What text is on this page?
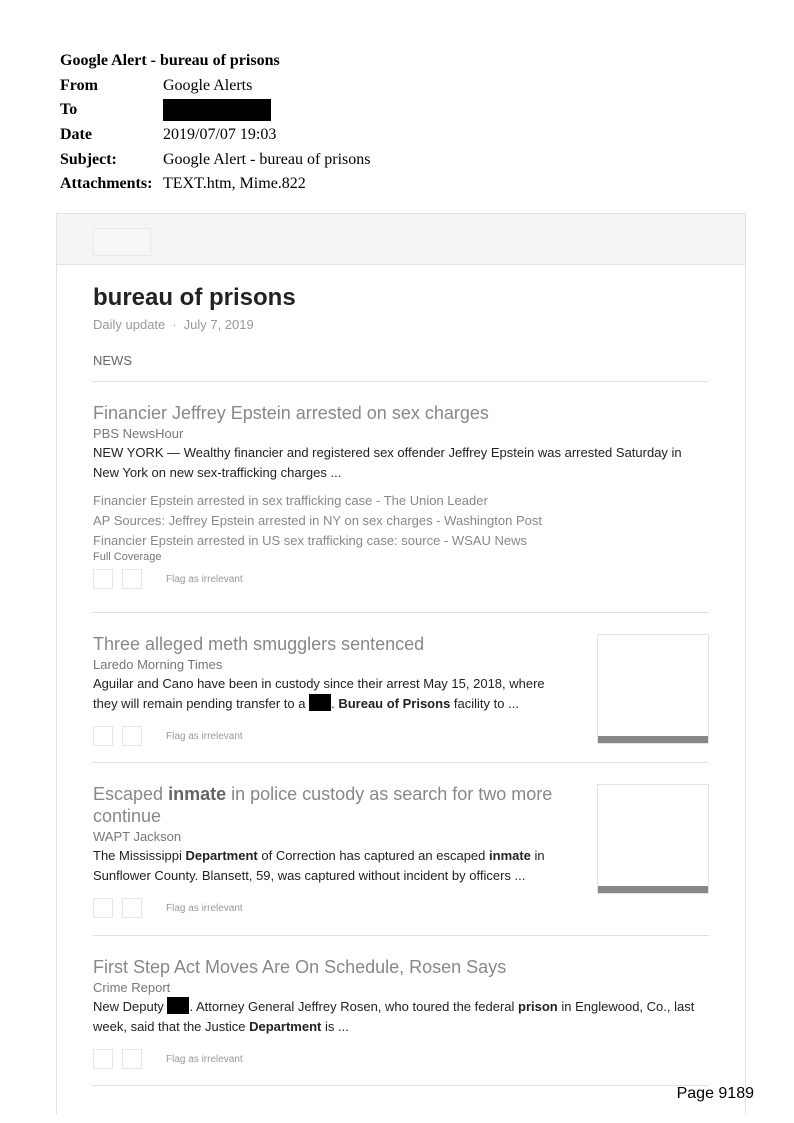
Google Alert - bureau of prisons
From	Google Alerts
To
Date	2019/07/07 19:03
Subject:	Google Alert - bureau of prisons
Attachments: TEXT.htm, Mime.822
bureau of prisons
Daily update · July 7, 2019
NEWS
Financier Jeffrey Epstein arrested on sex charges
PBS NewsHour
NEW YORK — Wealthy financier and registered sex offender Jeffrey Epstein was arrested Saturday in New York on new sex-trafficking charges ...
Financier Epstein arrested in sex trafficking case - The Union Leader
AP Sources: Jeffrey Epstein arrested in NY on sex charges - Washington Post
Financier Epstein arrested in US sex trafficking case: source - WSAU News
Full Coverage
Flag as irrelevant
Three alleged meth smugglers sentenced
Laredo Morning Times
Aguilar and Cano have been in custody since their arrest May 15, 2018, where they will remain pending transfer to a . Bureau of Prisons facility to ...
Flag as irrelevant
Escaped inmate in police custody as search for two more continue
WAPT Jackson
The Mississippi Department of Correction has captured an escaped inmate in Sunflower County. Blansett, 59, was captured without incident by officers ...
Flag as irrelevant
First Step Act Moves Are On Schedule, Rosen Says
Crime Report
New Deputy . Attorney General Jeffrey Rosen, who toured the federal prison in Englewood, Co., last week, said that the Justice Department is ...
Flag as irrelevant
Page 9189
